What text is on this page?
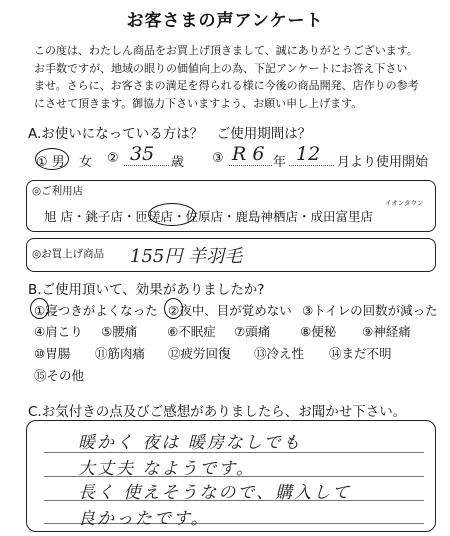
お客さまの声アンケート
この度は、わたしん商品をお買上げ頂きまして、誠にありがとうございます。
お手数ですが、地域の眼りの価値向上の為、下記アンケートにお答え下さい
ませ。さらに、お客さまの満足を得られる様に今後の商品開発、店作りの参考
にさせて頂きます。御協力下さいますよう、お願い申し上げます。
A.お使いになっている方は？　ご使用期間は？
① 男 女 ② 35 歳 ③ R 6 年 12 月より使用開始
◎ご利用店
イオンタウン
旭 店・銚子店・匝瑳店・佐原店・鹿島神栖店・成田富里店
◎お買上げ商品 155円 羊羽毛
B.ご使用頂いて、効果がありましたか?
①寝つきがよくなった ②夜中、目が覚めない ③トイレの回数が減った
④肩こり ⑤腰痛 ⑥不眠症 ⑦頭痛 ⑧便秘 ⑨神経痛
⑩胃腸 ⑪筋肉痛 ⑫疲労回復 ⑬冷え性 ⑭まだ不明
⑮その他
C.お気付きの点及びご感想がありましたら、お聞かせ下さい。
暖かく 夜は 暖房なしでも
大丈夫 なようです。
長く 使えそうなので、購入して
良かったです。
